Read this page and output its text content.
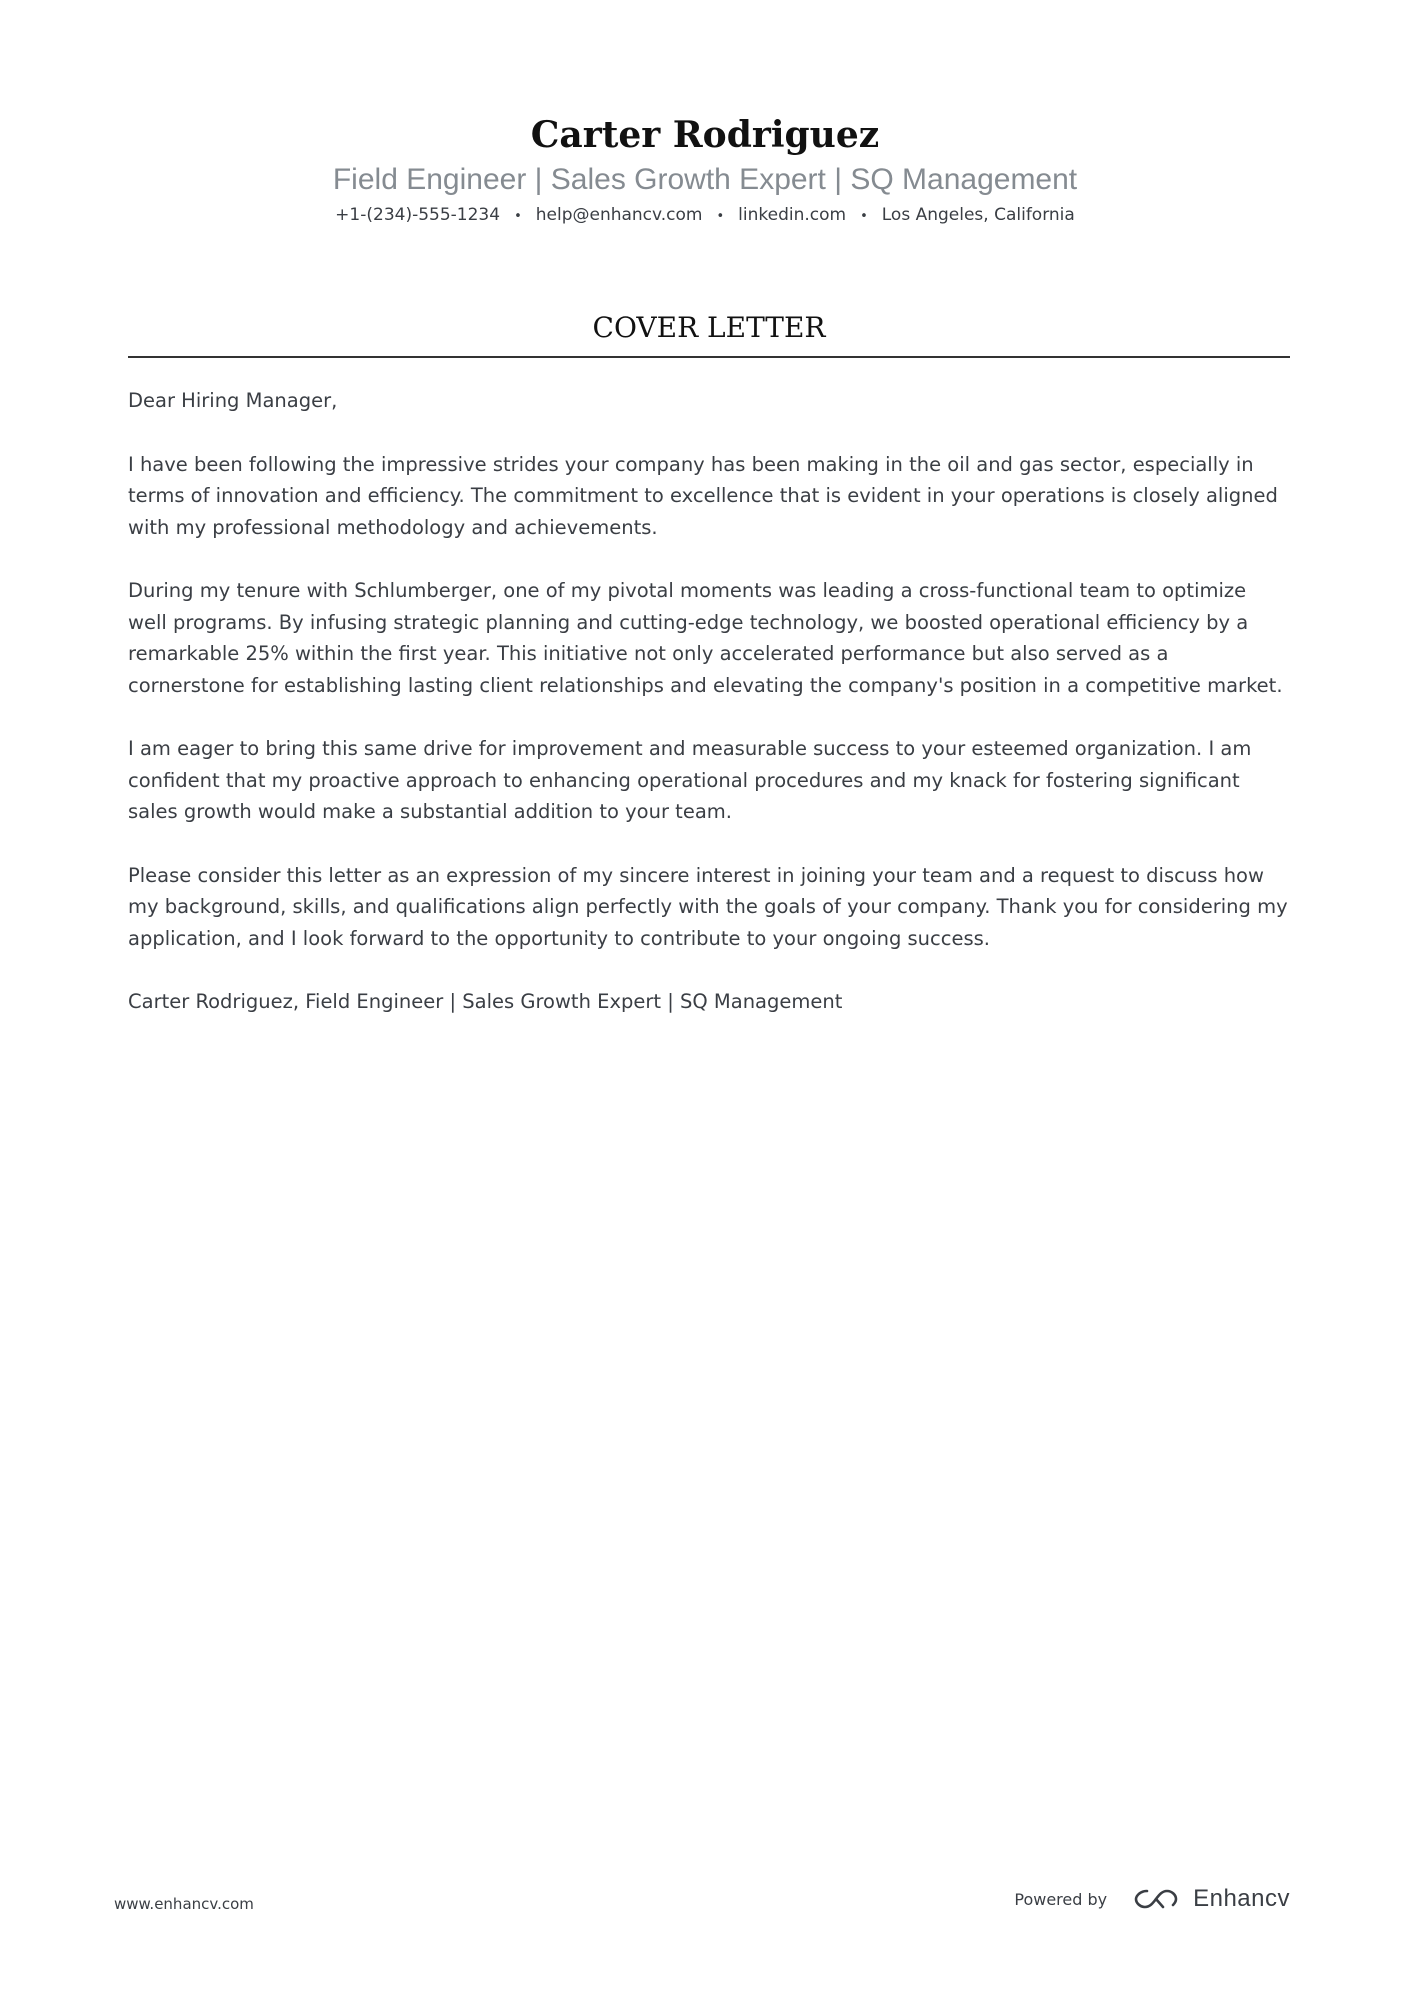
Carter Rodriguez
Field Engineer | Sales Growth Expert | SQ Management
+1-(234)-555-1234 • help@enhancv.com • linkedin.com • Los Angeles, California
COVER LETTER

Dear Hiring Manager,

I have been following the impressive strides your company has been making in the oil and gas sector, especially in terms of innovation and efficiency. The commitment to excellence that is evident in your operations is closely aligned with my professional methodology and achievements.

During my tenure with Schlumberger, one of my pivotal moments was leading a cross-functional team to optimize well programs. By infusing strategic planning and cutting-edge technology, we boosted operational efficiency by a remarkable 25% within the first year. This initiative not only accelerated performance but also served as a cornerstone for establishing lasting client relationships and elevating the company's position in a competitive market.

I am eager to bring this same drive for improvement and measurable success to your esteemed organization. I am confident that my proactive approach to enhancing operational procedures and my knack for fostering significant sales growth would make a substantial addition to your team.

Please consider this letter as an expression of my sincere interest in joining your team and a request to discuss how my background, skills, and qualifications align perfectly with the goals of your company. Thank you for considering my application, and I look forward to the opportunity to contribute to your ongoing success.

Carter Rodriguez, Field Engineer | Sales Growth Expert | SQ Management

www.enhancv.com	Powered by	Enhancv
